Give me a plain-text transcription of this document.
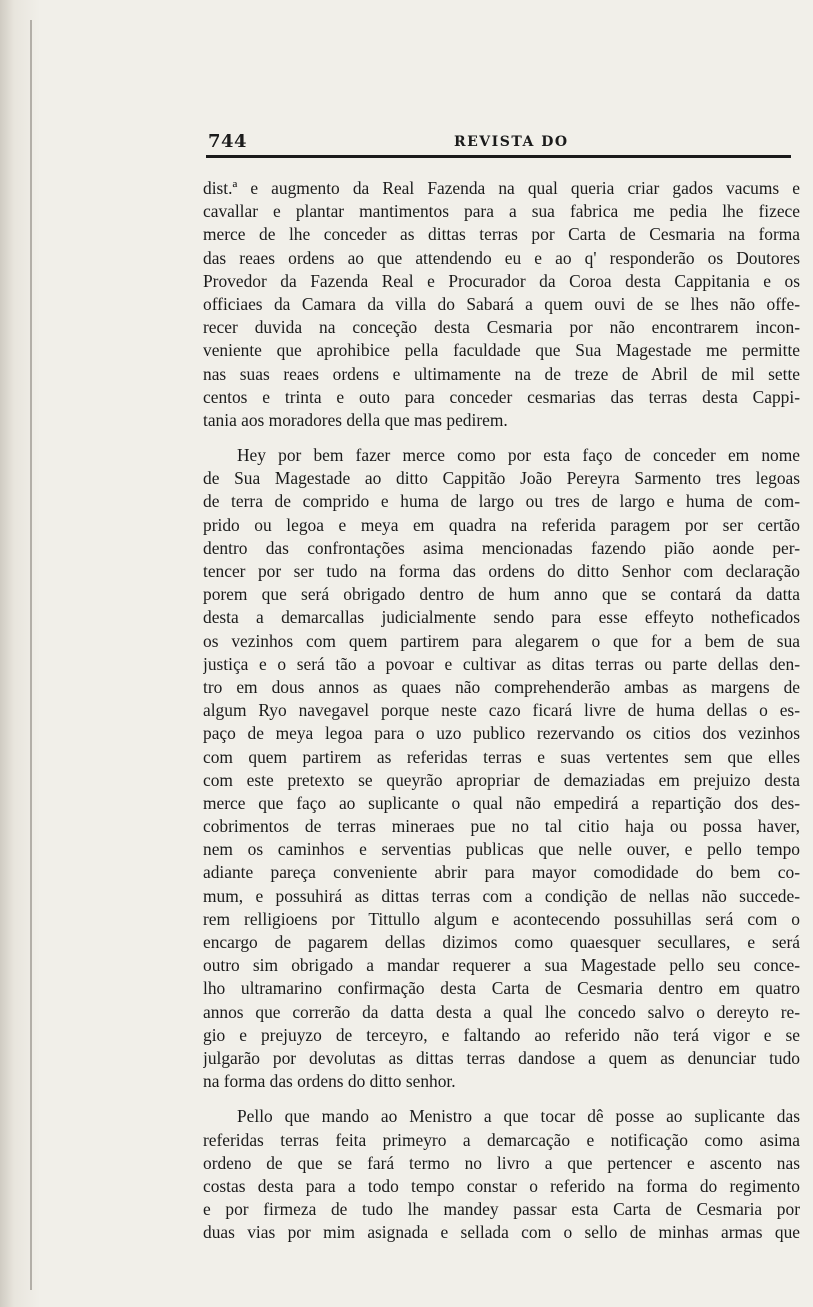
744	REVISTA DO
dist.ª e augmento da Real Fazenda na qual queria criar gados vacums e
cavallar e plantar mantimentos para a sua fabrica me pedia lhe fizece
merce de lhe conceder as dittas terras por Carta de Cesmaria na forma
das reaes ordens ao que attendendo eu e ao q' responderão os Doutores
Provedor da Fazenda Real e Procurador da Coroa desta Cappitania e os
officiaes da Camara da villa do Sabará a quem ouvi de se lhes não offe-
recer duvida na conceção desta Cesmaria por não encontrarem incon-
veniente que aprohibice pella faculdade que Sua Magestade me permitte
nas suas reaes ordens e ultimamente na de treze de Abril de mil sette
centos e trinta e outo para conceder cesmarias das terras desta Cappi-
tania aos moradores della que mas pedirem.
Hey por bem fazer merce como por esta faço de conceder em nome
de Sua Magestade ao ditto Cappitão João Pereyra Sarmento tres legoas
de terra de comprido e huma de largo ou tres de largo e huma de com-
prido ou legoa e meya em quadra na referida paragem por ser certão
dentro das confrontações asima mencionadas fazendo pião aonde per-
tencer por ser tudo na forma das ordens do ditto Senhor com declaração
porem que será obrigado dentro de hum anno que se contará da datta
desta a demarcallas judicialmente sendo para esse effeyto notheficados
os vezinhos com quem partirem para alegarem o que for a bem de sua
justiça e o será tão a povoar e cultivar as ditas terras ou parte dellas den-
tro em dous annos as quaes não comprehenderão ambas as margens de
algum Ryo navegavel porque neste cazo ficará livre de huma dellas o es-
paço de meya legoa para o uzo publico rezervando os citios dos vezinhos
com quem partirem as referidas terras e suas vertentes sem que elles
com este pretexto se queyrão apropriar de demaziadas em prejuizo desta
merce que faço ao suplicante o qual não empedirá a repartição dos des-
cobrimentos de terras mineraes pue no tal citio haja ou possa haver,
nem os caminhos e serventias publicas que nelle ouver, e pello tempo
adiante pareça conveniente abrir para mayor comodidade do bem co-
mum, e possuhirá as dittas terras com a condição de nellas não succede-
rem relligioens por Tittullo algum e acontecendo possuhillas será com o
encargo de pagarem dellas dizimos como quaesquer secullares, e será
outro sim obrigado a mandar requerer a sua Magestade pello seu conce-
lho ultramarino confirmação desta Carta de Cesmaria dentro em quatro
annos que correrão da datta desta a qual lhe concedo salvo o dereyto re-
gio e prejuyzo de terceyro, e faltando ao referido não terá vigor e se
julgarão por devolutas as dittas terras dandose a quem as denunciar tudo
na forma das ordens do ditto senhor.
Pello que mando ao Menistro a que tocar dê posse ao suplicante das
referidas terras feita primeyro a demarcação e notificação como asima
ordeno de que se fará termo no livro a que pertencer e ascento nas
costas desta para a todo tempo constar o referido na forma do regimento
e por firmeza de tudo lhe mandey passar esta Carta de Cesmaria por
duas vias por mim asignada e sellada com o sello de minhas armas que
